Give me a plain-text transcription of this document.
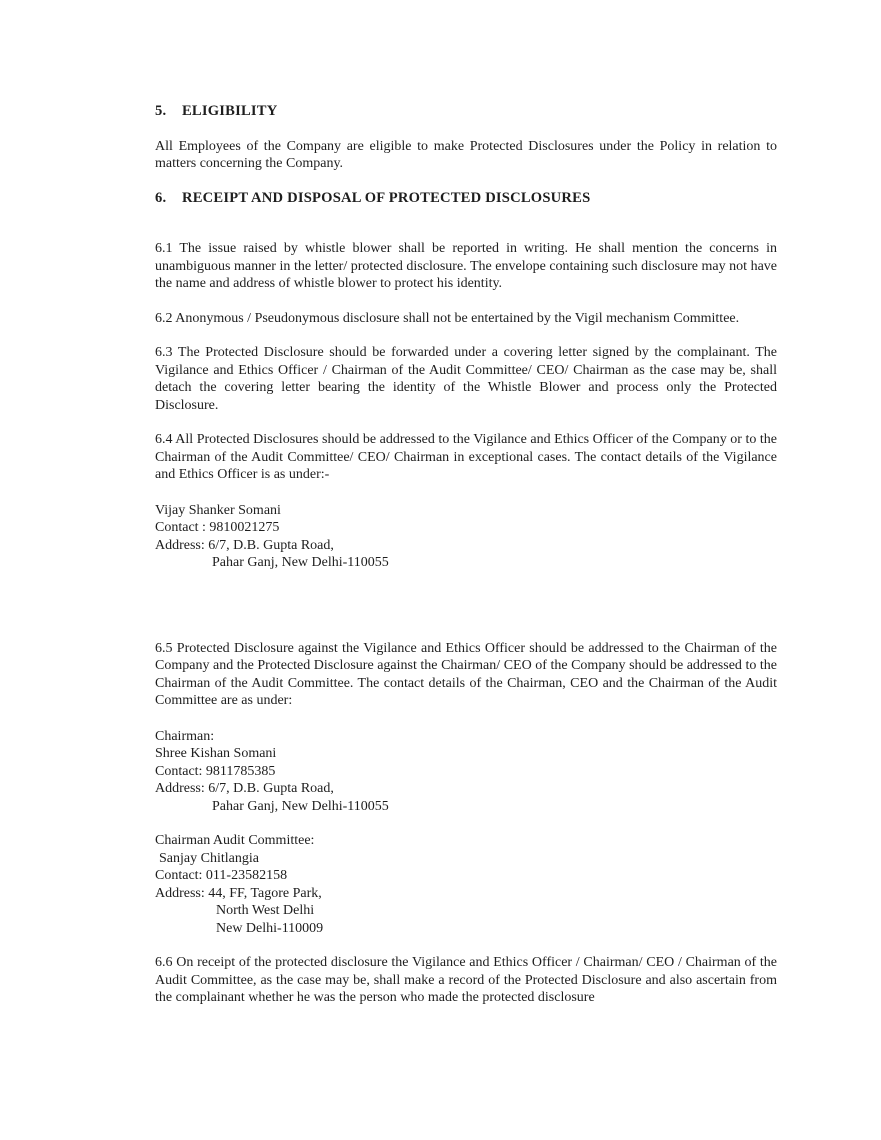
5. ELIGIBILITY

All Employees of the Company are eligible to make Protected Disclosures under the Policy in relation to matters concerning the Company.

6. RECEIPT AND DISPOSAL OF PROTECTED DISCLOSURES

6.1 The issue raised by whistle blower shall be reported in writing. He shall mention the concerns in unambiguous manner in the letter/ protected disclosure. The envelope containing such disclosure may not have the name and address of whistle blower to protect his identity.

6.2 Anonymous / Pseudonymous disclosure shall not be entertained by the Vigil mechanism Committee.

6.3 The Protected Disclosure should be forwarded under a covering letter signed by the complainant. The Vigilance and Ethics Officer / Chairman of the Audit Committee/ CEO/ Chairman as the case may be, shall detach the covering letter bearing the identity of the Whistle Blower and process only the Protected Disclosure.

6.4 All Protected Disclosures should be addressed to the Vigilance and Ethics Officer of the Company or to the Chairman of the Audit Committee/ CEO/ Chairman in exceptional cases. The contact details of the Vigilance and Ethics Officer is as under:-

Vijay Shanker Somani
Contact : 9810021275
Address: 6/7, D.B. Gupta Road,
Pahar Ganj, New Delhi-110055

6.5 Protected Disclosure against the Vigilance and Ethics Officer should be addressed to the Chairman of the Company and the Protected Disclosure against the Chairman/ CEO of the Company should be addressed to the Chairman of the Audit Committee. The contact details of the Chairman, CEO and the Chairman of the Audit Committee are as under:

Chairman:
Shree Kishan Somani
Contact: 9811785385
Address: 6/7, D.B. Gupta Road,
Pahar Ganj, New Delhi-110055
Chairman Audit Committee:
Sanjay Chitlangia
Contact: 011-23582158
Address: 44, FF, Tagore Park,
North West Delhi
New Delhi-110009

6.6 On receipt of the protected disclosure the Vigilance and Ethics Officer / Chairman/ CEO / Chairman of the Audit Committee, as the case may be, shall make a record of the Protected Disclosure and also ascertain from the complainant whether he was the person who made the protected disclosure
